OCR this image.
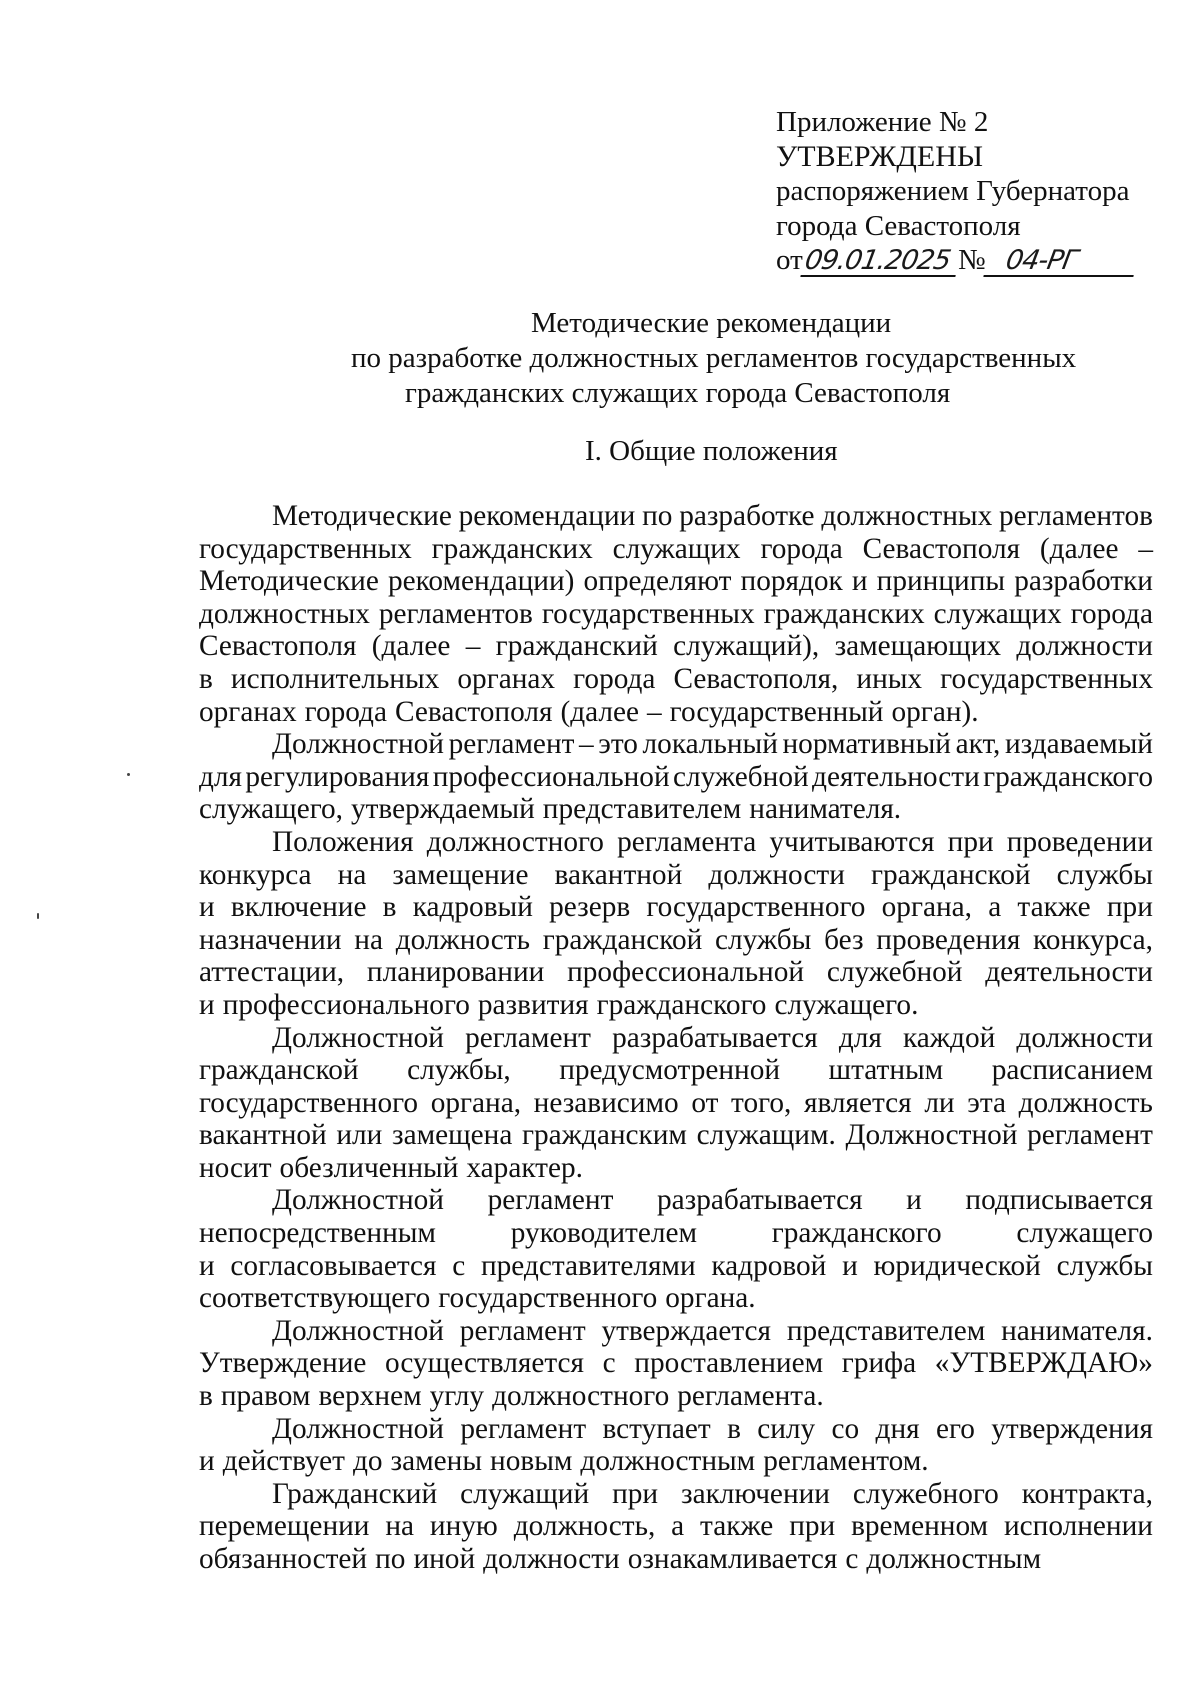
Приложение № 2
УТВЕРЖДЕНЫ
распоряжением Губернатора
города Севастополя
от 09.01.2025 № 04-РГ
Методические рекомендации
по разработке должностных регламентов государственных
гражданских служащих города Севастополя
I. Общие положения
Методические рекомендации по разработке должностных регламентов
государственных гражданских служащих города Севастополя (далее –
Методические рекомендации) определяют порядок и принципы разработки
должностных регламентов государственных гражданских служащих города
Севастополя (далее – гражданский служащий), замещающих должности
в исполнительных органах города Севастополя, иных государственных
органах города Севастополя (далее – государственный орган).
Должностной регламент – это локальный нормативный акт, издаваемый
для регулирования профессиональной служебной деятельности гражданского
служащего, утверждаемый представителем нанимателя.
Положения должностного регламента учитываются при проведении
конкурса на замещение вакантной должности гражданской службы
и включение в кадровый резерв государственного органа, а также при
назначении на должность гражданской службы без проведения конкурса,
аттестации, планировании профессиональной служебной деятельности
и профессионального развития гражданского служащего.
Должностной регламент разрабатывается для каждой должности
гражданской службы, предусмотренной штатным расписанием
государственного органа, независимо от того, является ли эта должность
вакантной или замещена гражданским служащим. Должностной регламент
носит обезличенный характер.
Должностной регламент разрабатывается и подписывается
непосредственным	руководителем	гражданского	служащего
и согласовывается с представителями кадровой и юридической службы
соответствующего государственного органа.
Должностной регламент утверждается представителем нанимателя.
Утверждение осуществляется с проставлением грифа «УТВЕРЖДАЮ»
в правом верхнем углу должностного регламента.
Должностной регламент вступает в силу со дня его утверждения
и действует до замены новым должностным регламентом.
Гражданский служащий при заключении служебного контракта,
перемещении на иную должность, а также при временном исполнении
обязанностей по иной должности ознакамливается с должностным
